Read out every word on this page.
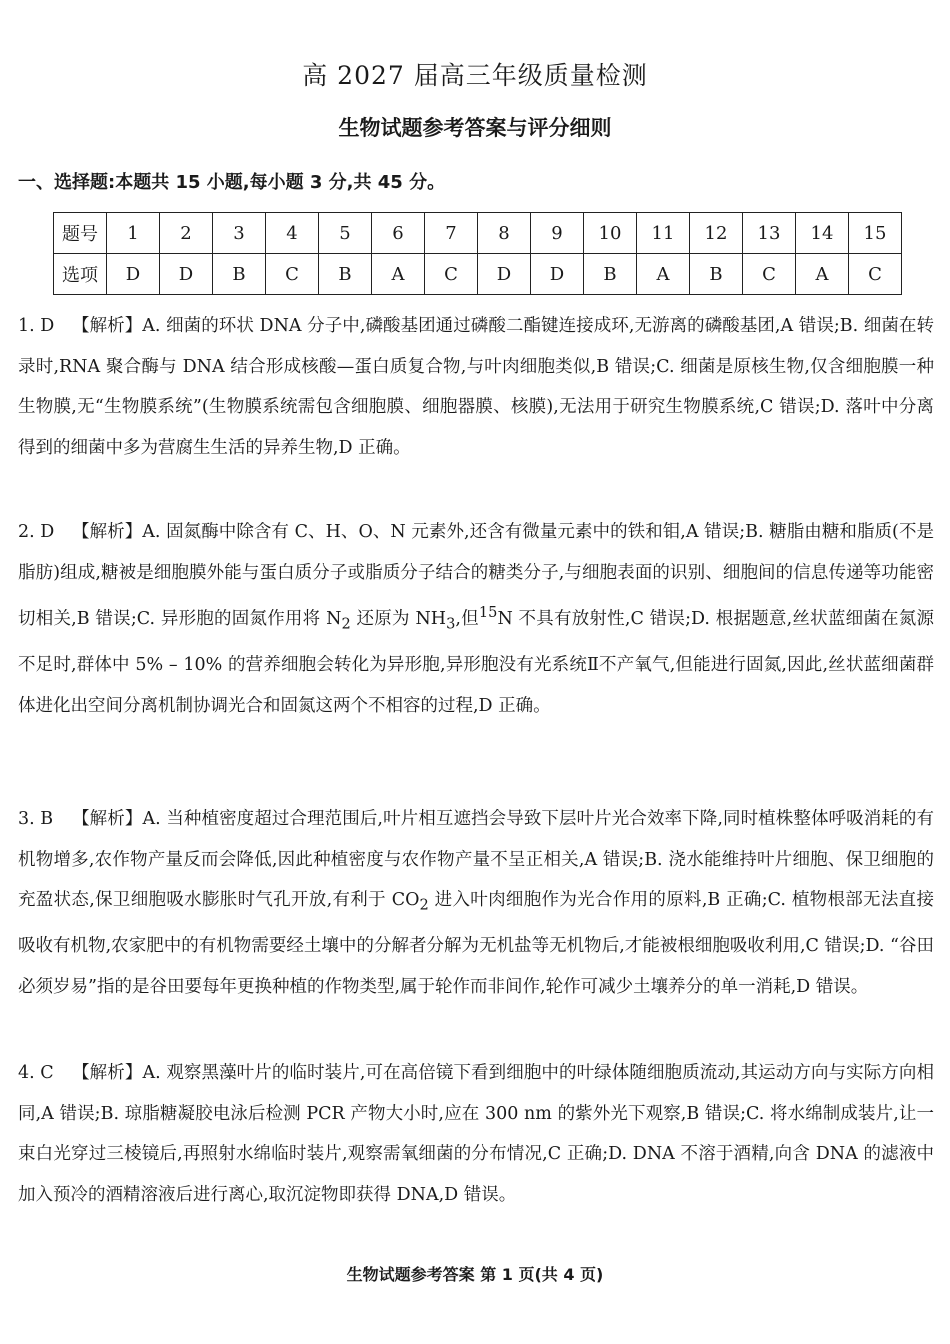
高 2027 届高三年级质量检测
生物试题参考答案与评分细则
一、选择题:本题共 15 小题,每小题 3 分,共 45 分。
题号	1	2	3	4	5	6	7	8	9	10	11	12	13	14	15
选项	D	D	B	C	B	A	C	D	D	B	A	B	C	A	C
1. D 【解析】A. 细菌的环状 DNA 分子中,磷酸基团通过磷酸二酯键连接成环,无游离的磷酸基团,A 错误;B. 细菌在转录时,RNA 聚合酶与 DNA 结合形成核酸—蛋白质复合物,与叶肉细胞类似,B 错误;C. 细菌是原核生物,仅含细胞膜一种生物膜,无“生物膜系统”(生物膜系统需包含细胞膜、细胞器膜、核膜),无法用于研究生物膜系统,C 错误;D. 落叶中分离得到的细菌中多为营腐生生活的异养生物,D 正确。
2. D 【解析】A. 固氮酶中除含有 C、H、O、N 元素外,还含有微量元素中的铁和钼,A 错误;B. 糖脂由糖和脂质(不是脂肪)组成,糖被是细胞膜外能与蛋白质分子或脂质分子结合的糖类分子,与细胞表面的识别、细胞间的信息传递等功能密切相关,B 错误;C. 异形胞的固氮作用将 $N_2$ 还原为 $NH_3$,但$^{15}$N 不具有放射性,C 错误;D. 根据题意,丝状蓝细菌在氮源不足时,群体中 5% – 10% 的营养细胞会转化为异形胞,异形胞没有光系统Ⅱ不产氧气,但能进行固氮,因此,丝状蓝细菌群体进化出空间分离机制协调光合和固氮这两个不相容的过程,D 正确。
3. B 【解析】A. 当种植密度超过合理范围后,叶片相互遮挡会导致下层叶片光合效率下降,同时植株整体呼吸消耗的有机物增多,农作物产量反而会降低,因此种植密度与农作物产量不呈正相关,A 错误;B. 浇水能维持叶片细胞、保卫细胞的充盈状态,保卫细胞吸水膨胀时气孔开放,有利于 $CO_2$ 进入叶肉细胞作为光合作用的原料,B 正确;C. 植物根部无法直接吸收有机物,农家肥中的有机物需要经土壤中的分解者分解为无机盐等无机物后,才能被根细胞吸收利用,C 错误;D. “谷田必须岁易”指的是谷田要每年更换种植的作物类型,属于轮作而非间作,轮作可减少土壤养分的单一消耗,D 错误。
4. C 【解析】A. 观察黑藻叶片的临时装片,可在高倍镜下看到细胞中的叶绿体随细胞质流动,其运动方向与实际方向相同,A 错误;B. 琼脂糖凝胶电泳后检测 PCR 产物大小时,应在 300 nm 的紫外光下观察,B 错误;C. 将水绵制成装片,让一束白光穿过三棱镜后,再照射水绵临时装片,观察需氧细菌的分布情况,C 正确;D. DNA 不溶于酒精,向含 DNA 的滤液中加入预冷的酒精溶液后进行离心,取沉淀物即获得 DNA,D 错误。
生物试题参考答案 第 1 页(共 4 页)
